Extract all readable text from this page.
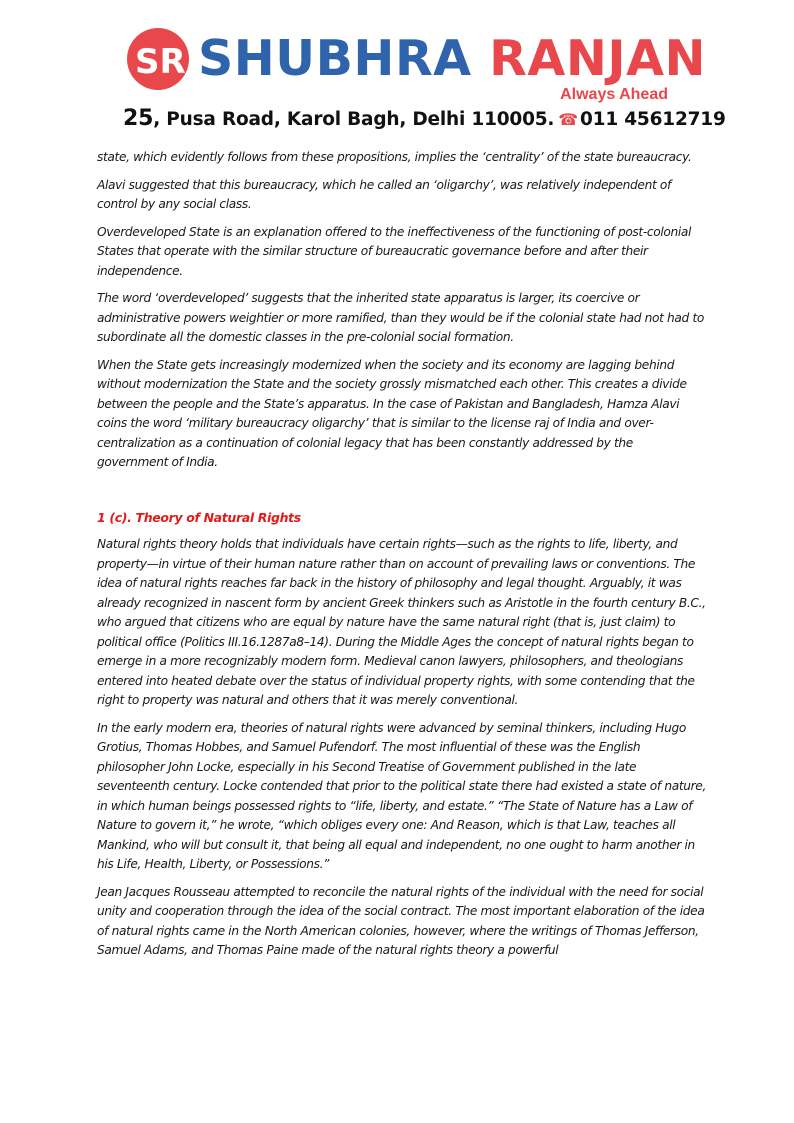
SR SHUBHRA RANJAN
Always Ahead
25, Pusa Road, Karol Bagh, Delhi 110005. ☎ 011 45612719

state, which evidently follows from these propositions, implies the ‘centrality’ of the state bureaucracy.

Alavi suggested that this bureaucracy, which he called an ‘oligarchy’, was relatively independent of control by any social class.

Overdeveloped State is an explanation offered to the ineffectiveness of the functioning of post-colonial States that operate with the similar structure of bureaucratic governance before and after their independence.

The word ‘overdeveloped’ suggests that the inherited state apparatus is larger, its coercive or administrative powers weightier or more ramified, than they would be if the colonial state had not had to subordinate all the domestic classes in the pre-colonial social formation.

When the State gets increasingly modernized when the society and its economy are lagging behind without modernization the State and the society grossly mismatched each other. This creates a divide between the people and the State’s apparatus. In the case of Pakistan and Bangladesh, Hamza Alavi coins the word ‘military bureaucracy oligarchy’ that is similar to the license raj of India and over-centralization as a continuation of colonial legacy that has been constantly addressed by the government of India.

1 (c). Theory of Natural Rights

Natural rights theory holds that individuals have certain rights—such as the rights to life, liberty, and property—in virtue of their human nature rather than on account of prevailing laws or conventions. The idea of natural rights reaches far back in the history of philosophy and legal thought. Arguably, it was already recognized in nascent form by ancient Greek thinkers such as Aristotle in the fourth century B.C., who argued that citizens who are equal by nature have the same natural right (that is, just claim) to political office (Politics III.16.1287a8–14). During the Middle Ages the concept of natural rights began to emerge in a more recognizably modern form. Medieval canon lawyers, philosophers, and theologians entered into heated debate over the status of individual property rights, with some contending that the right to property was natural and others that it was merely conventional.

In the early modern era, theories of natural rights were advanced by seminal thinkers, including Hugo Grotius, Thomas Hobbes, and Samuel Pufendorf. The most influential of these was the English philosopher John Locke, especially in his Second Treatise of Government published in the late seventeenth century. Locke contended that prior to the political state there had existed a state of nature, in which human beings possessed rights to “life, liberty, and estate.” “The State of Nature has a Law of Nature to govern it,” he wrote, “which obliges every one: And Reason, which is that Law, teaches all Mankind, who will but consult it, that being all equal and independent, no one ought to harm another in his Life, Health, Liberty, or Possessions.”

Jean Jacques Rousseau attempted to reconcile the natural rights of the individual with the need for social unity and cooperation through the idea of the social contract. The most important elaboration of the idea of natural rights came in the North American colonies, however, where the writings of Thomas Jefferson, Samuel Adams, and Thomas Paine made of the natural rights theory a powerful
